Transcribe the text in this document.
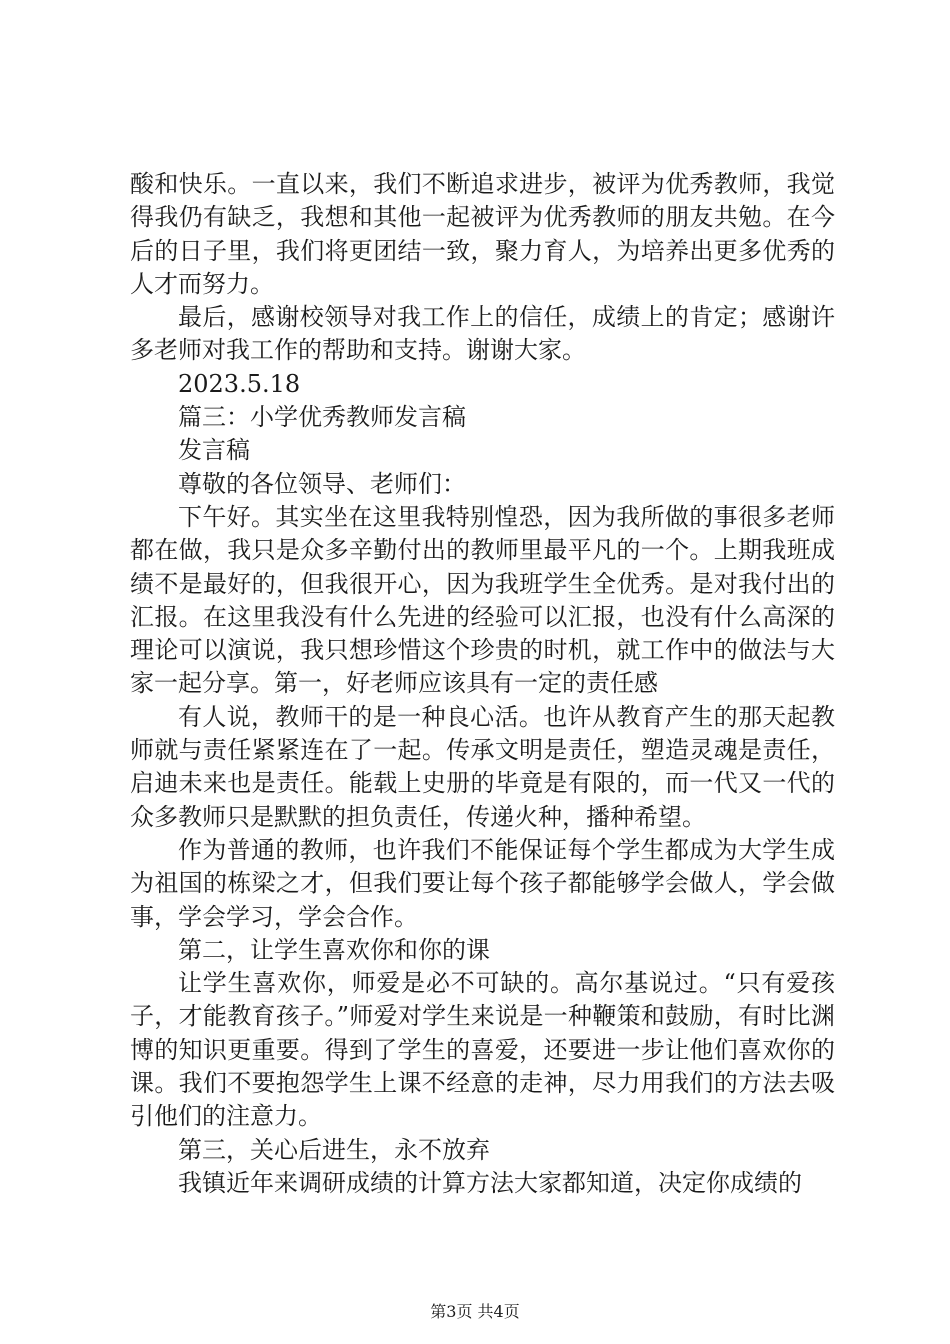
酸和快乐。一直以来，我们不断追求进步，被评为优秀教师，我觉得我仍有缺乏，我想和其他一起被评为优秀教师的朋友共勉。在今后的日子里，我们将更团结一致，聚力育人，为培养出更多优秀的人才而努力。

最后，感谢校领导对我工作上的信任，成绩上的肯定；感谢许多老师对我工作的帮助和支持。谢谢大家。

2023.5.18

篇三：小学优秀教师发言稿

发言稿

尊敬的各位领导、老师们：

下午好。其实坐在这里我特别惶恐，因为我所做的事很多老师都在做，我只是众多辛勤付出的教师里最平凡的一个。上期我班成绩不是最好的，但我很开心，因为我班学生全优秀。是对我付出的汇报。在这里我没有什么先进的经验可以汇报，也没有什么高深的理论可以演说，我只想珍惜这个珍贵的时机，就工作中的做法与大家一起分享。第一，好老师应该具有一定的责任感

有人说，教师干的是一种良心活。也许从教育产生的那天起教师就与责任紧紧连在了一起。传承文明是责任，塑造灵魂是责任，启迪未来也是责任。能载上史册的毕竟是有限的，而一代又一代的众多教师只是默默的担负责任，传递火种，播种希望。

作为普通的教师，也许我们不能保证每个学生都成为大学生成为祖国的栋梁之才，但我们要让每个孩子都能够学会做人，学会做事，学会学习，学会合作。

第二，让学生喜欢你和你的课

让学生喜欢你，师爱是必不可缺的。高尔基说过。“只有爱孩子，才能教育孩子。”师爱对学生来说是一种鞭策和鼓励，有时比渊博的知识更重要。得到了学生的喜爱，还要进一步让他们喜欢你的课。我们不要抱怨学生上课不经意的走神，尽力用我们的方法去吸引他们的注意力。

第三，关心后进生，永不放弃

我镇近年来调研成绩的计算方法大家都知道，决定你成绩的

第3页 共4页
